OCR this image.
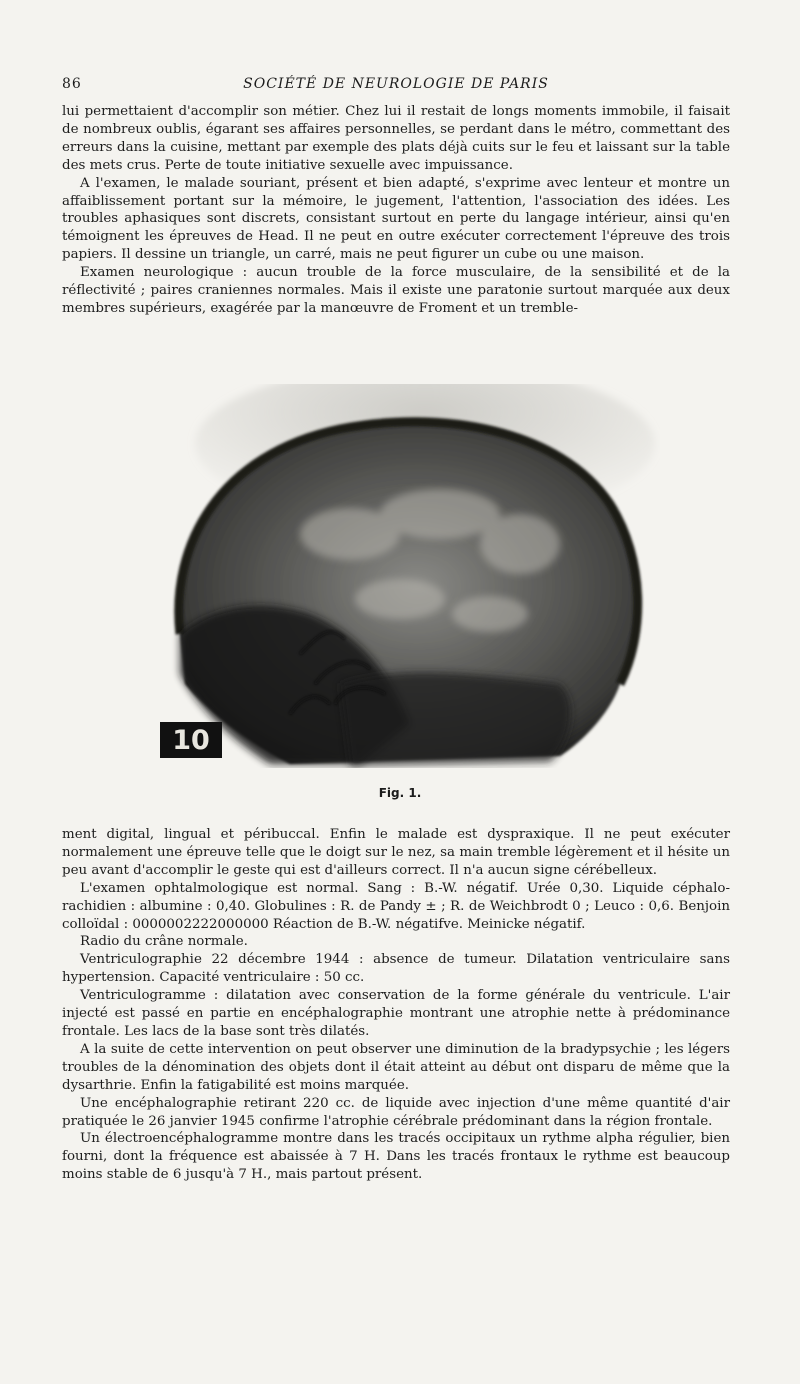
86	SOCIÉTÉ DE NEUROLOGIE DE PARIS

lui permettaient d'accomplir son métier. Chez lui il restait de longs moments immobile, il faisait de nombreux oublis, égarant ses affaires personnelles, se perdant dans le métro, commettant des erreurs dans la cuisine, mettant par exemple des plats déjà cuits sur le feu et laissant sur la table des mets crus. Perte de toute initiative sexuelle avec impuissance.

A l'examen, le malade souriant, présent et bien adapté, s'exprime avec lenteur et montre un affaiblissement portant sur la mémoire, le jugement, l'attention, l'association des idées. Les troubles aphasiques sont discrets, consistant surtout en perte du langage intérieur, ainsi qu'en témoignent les épreuves de Head. Il ne peut en outre exécuter correctement l'épreuve des trois papiers. Il dessine un triangle, un carré, mais ne peut figurer un cube ou une maison.

Examen neurologique : aucun trouble de la force musculaire, de la sensibilité et de la réflectivité ; paires craniennes normales. Mais il existe une paratonie surtout marquée aux deux membres supérieurs, exagérée par la manœuvre de Froment et un tremble-

10
Fig. 1.

ment digital, lingual et péribuccal. Enfin le malade est dyspraxique. Il ne peut exécuter normalement une épreuve telle que le doigt sur le nez, sa main tremble légèrement et il hésite un peu avant d'accomplir le geste qui est d'ailleurs correct. Il n'a aucun signe cérébelleux.

L'examen ophtalmologique est normal. Sang : B.-W. négatif. Urée 0,30. Liquide céphalo-rachidien : albumine : 0,40. Globulines : R. de Pandy ± ; R. de Weichbrodt 0 ; Leuco : 0,6. Benjoin colloïdal : 0000002222000000 Réaction de B.-W. négatifve. Meinicke négatif.

Radio du crâne normale.

Ventriculographie 22 décembre 1944 : absence de tumeur. Dilatation ventriculaire sans hypertension. Capacité ventriculaire : 50 cc.

Ventriculogramme : dilatation avec conservation de la forme générale du ventricule. L'air injecté est passé en partie en encéphalographie montrant une atrophie nette à prédominance frontale. Les lacs de la base sont très dilatés.

A la suite de cette intervention on peut observer une diminution de la bradypsychie ; les légers troubles de la dénomination des objets dont il était atteint au début ont disparu de même que la dysarthrie. Enfin la fatigabilité est moins marquée.

Une encéphalographie retirant 220 cc. de liquide avec injection d'une même quantité d'air pratiquée le 26 janvier 1945 confirme l'atrophie cérébrale prédominant dans la région frontale.

Un électroencéphalogramme montre dans les tracés occipitaux un rythme alpha régulier, bien fourni, dont la fréquence est abaissée à 7 H. Dans les tracés frontaux le rythme est beaucoup moins stable de 6 jusqu'à 7 H., mais partout présent.
